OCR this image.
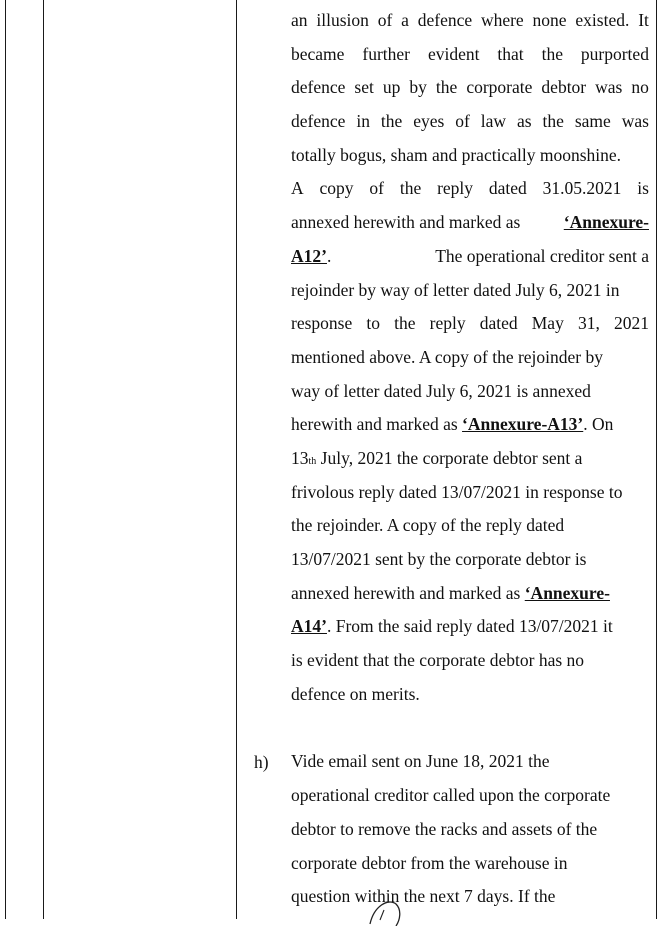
an illusion of a defence where none existed. It
became further evident that the purported
defence set up by the corporate debtor was no
defence in the eyes of law as the same was
totally bogus, sham and practically moonshine.
A copy of the reply dated 31.05.2021 is
annexed herewith and marked as ‘Annexure-
A12’ .	The operational creditor sent a
rejoinder by way of letter dated July 6, 2021 in
response to the reply dated May 31, 2021
mentioned above. A copy of the rejoinder by
way of letter dated July 6, 2021 is annexed
herewith and marked as
‘Annexure-A13’ . On
13 th
July, 2021 the corporate debtor sent a
frivolous reply dated 13/07/2021 in response to
the rejoinder. A copy of the reply dated
13/07/2021 sent by the corporate debtor is
annexed herewith and marked as
‘Annexure-
A14’ . From the said reply dated 13/07/2021 it
is evident that the corporate debtor has no
defence on merits.
Vide email sent on June 18, 2021 the
operational creditor called upon the corporate
debtor to remove the racks and assets of the
corporate debtor from the warehouse in
question within the next 7 days. If the
h)
